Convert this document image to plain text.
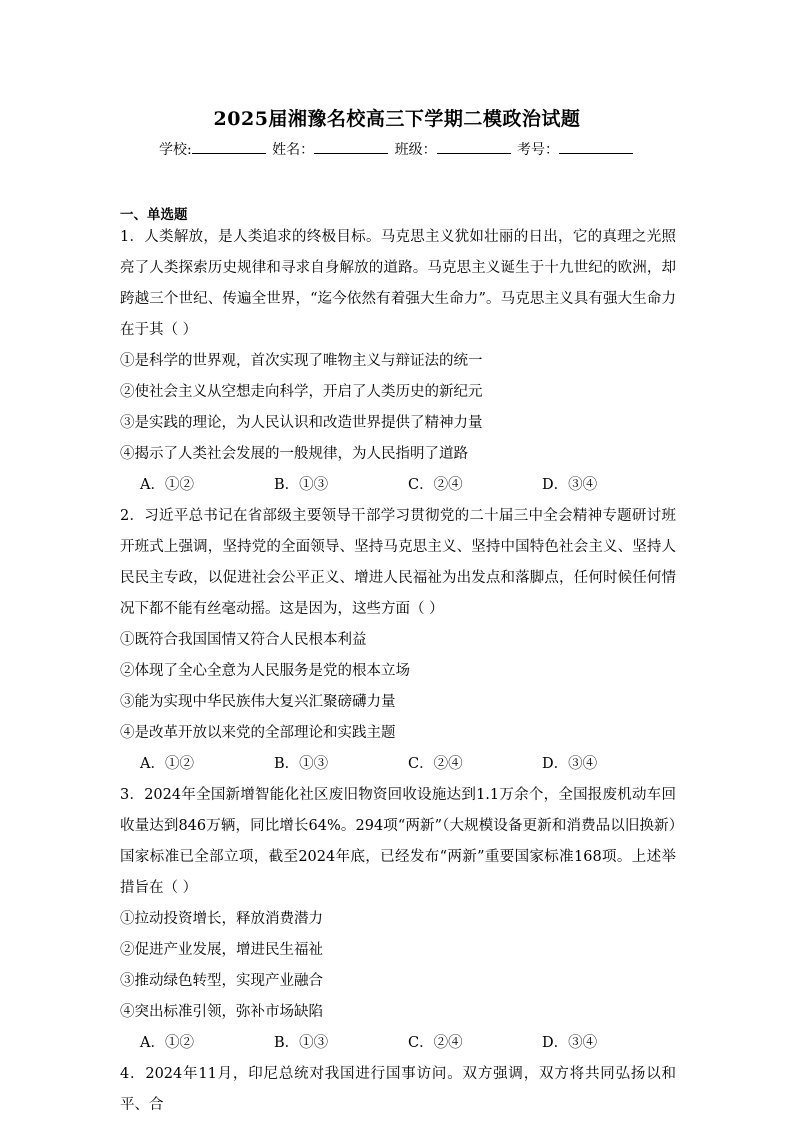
2025届湘豫名校高三下学期二模政治试题
学校:	姓名：	班级：	考号：
一、单选题

1．人类解放，是人类追求的终极目标。马克思主义犹如壮丽的日出，它的真理之光照亮了人类探索历史规律和寻求自身解放的道路。马克思主义诞生于十九世纪的欧洲，却跨越三个世纪、传遍全世界，“迄今依然有着强大生命力”。马克思主义具有强大生命力在于其（ ）

①是科学的世界观，首次实现了唯物主义与辩证法的统一

②使社会主义从空想走向科学，开启了人类历史的新纪元

③是实践的理论，为人民认识和改造世界提供了精神力量

④揭示了人类社会发展的一般规律，为人民指明了道路

A．①②	B．①③	C．②④	D．③④

2．习近平总书记在省部级主要领导干部学习贯彻党的二十届三中全会精神专题研讨班开班式上强调，坚持党的全面领导、坚持马克思主义、坚持中国特色社会主义、坚持人民民主专政，以促进社会公平正义、增进人民福祉为出发点和落脚点，任何时候任何情况下都不能有丝毫动摇。这是因为，这些方面（ ）

①既符合我国国情又符合人民根本利益

②体现了全心全意为人民服务是党的根本立场

③能为实现中华民族伟大复兴汇聚磅礴力量

④是改革开放以来党的全部理论和实践主题

A．①②	B．①③	C．②④	D．③④

3．2024年全国新增智能化社区废旧物资回收设施达到1.1万余个，全国报废机动车回收量达到846万辆，同比增长64%。294项“两新”（大规模设备更新和消费品以旧换新）国家标准已全部立项，截至2024年底，已经发布“两新”重要国家标准168项。上述举措旨在（ ）

①拉动投资增长，释放消费潜力

②促进产业发展，增进民生福祉

③推动绿色转型，实现产业融合

④突出标准引领，弥补市场缺陷

A．①②	B．①③	C．②④	D．③④

4．2024年11月，印尼总统对我国进行国事访问。双方强调，双方将共同弘扬以和平、合
